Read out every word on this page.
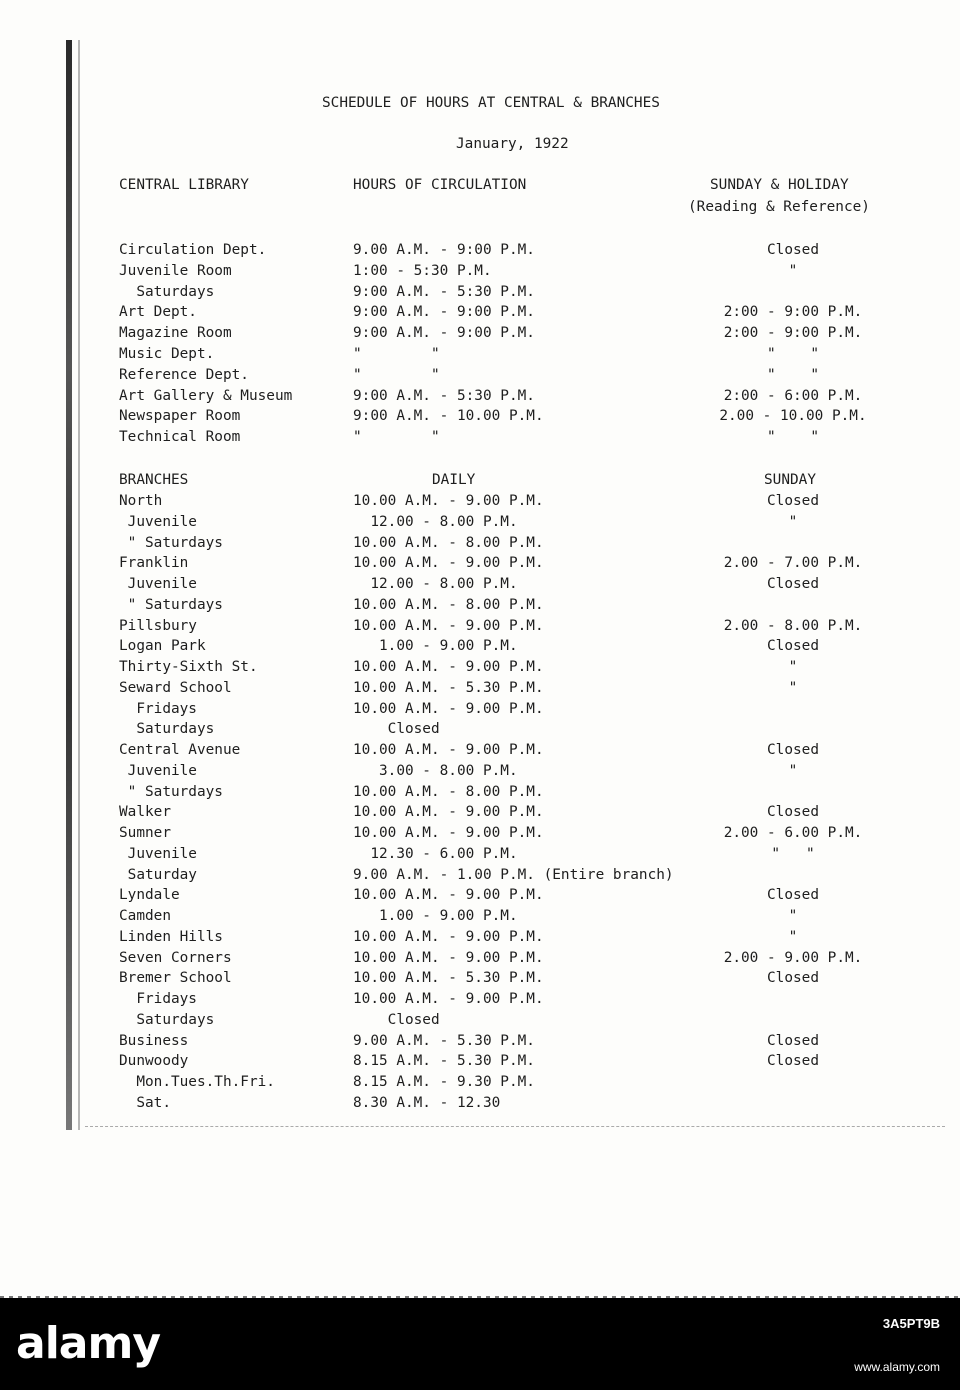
SCHEDULE OF HOURS AT CENTRAL & BRANCHES
January, 1922
CENTRAL LIBRARY	HOURS OF CIRCULATION	SUNDAY & HOLIDAY
(Reading & Reference)
Circulation Dept.	9.00 A.M. - 9:00 P.M.	Closed
Juvenile Room	1:00 - 5:30 P.M.	"
Saturdays	9:00 A.M. - 5:30 P.M.
Art Dept.	9:00 A.M. - 9:00 P.M.	2:00 - 9:00 P.M.
Magazine Room	9:00 A.M. - 9:00 P.M.	2:00 - 9:00 P.M.
Music Dept.	"        "	"    "
Reference Dept.	"        "	"    "
Art Gallery & Museum	9:00 A.M. - 5:30 P.M.	2:00 - 6:00 P.M.
Newspaper Room	9:00 A.M. - 10.00 P.M.	2.00 - 10.00 P.M.
Technical Room	"        "	"    "
BRANCHES	DAILY	SUNDAY
North	10.00 A.M. - 9.00 P.M.	Closed
Juvenile	12.00 - 8.00 P.M.	"
" Saturdays	10.00 A.M. - 8.00 P.M.
Franklin	10.00 A.M. - 9.00 P.M.	2.00 - 7.00 P.M.
Juvenile	12.00 - 8.00 P.M.	Closed
" Saturdays	10.00 A.M. - 8.00 P.M.
Pillsbury	10.00 A.M. - 9.00 P.M.	2.00 - 8.00 P.M.
Logan Park	1.00 - 9.00 P.M.	Closed
Thirty-Sixth St.	10.00 A.M. - 9.00 P.M.	"
Seward School	10.00 A.M. - 5.30 P.M.	"
Fridays	10.00 A.M. - 9.00 P.M.
Saturdays	Closed
Central Avenue	10.00 A.M. - 9.00 P.M.	Closed
Juvenile	3.00 - 8.00 P.M.	"
" Saturdays	10.00 A.M. - 8.00 P.M.
Walker	10.00 A.M. - 9.00 P.M.	Closed
Sumner	10.00 A.M. - 9.00 P.M.	2.00 - 6.00 P.M.
Juvenile	12.30 - 6.00 P.M.	"   "
Saturday	9.00 A.M. - 1.00 P.M. (Entire branch)
Lyndale	10.00 A.M. - 9.00 P.M.	Closed
Camden	1.00 - 9.00 P.M.	"
Linden Hills	10.00 A.M. - 9.00 P.M.	"
Seven Corners	10.00 A.M. - 9.00 P.M.	2.00 - 9.00 P.M.
Bremer School	10.00 A.M. - 5.30 P.M.	Closed
Fridays	10.00 A.M. - 9.00 P.M.
Saturdays	Closed
Business	9.00 A.M. - 5.30 P.M.	Closed
Dunwoody	8.15 A.M. - 5.30 P.M.	Closed
Mon.Tues.Th.Fri.	8.15 A.M. - 9.30 P.M.
Sat.	8.30 A.M. - 12.30
alamy	3A5PT9B
www.alamy.com
